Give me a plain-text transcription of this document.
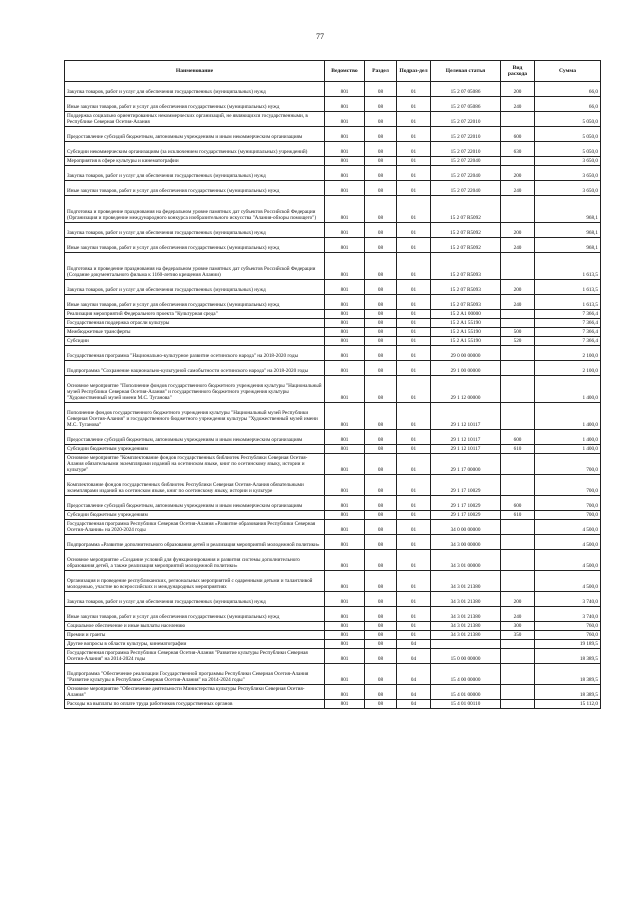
77
Наименование	Ведомство	Раздел	Подраз-дел	Целевая статья	Вид расхода	Сумма
Закупка товаров, работ и услуг для обеспечения государственных (муниципальных) нужд	801	08	01	15 2 07 05086	200	66,0
Иные закупки товаров, работ и услуг для обеспечения государственных (муниципальных) нужд	801	08	01	15 2 07 05086	240	66,0
Поддержка социально ориентированных некоммерческих организаций, не являющихся государственными, в Республике Северная Осетия-Алания	801	08	01	15 2 07 22010		5 050,0
Предоставление субсидий бюджетным, автономным учреждениям и иным некоммерческим организациям	801	08	01	15 2 07 22010	600	5 050,0
Субсидии некоммерческим организациям (за исключением государственных (муниципальных) учреждений)	801	08	01	15 2 07 22010	630	5 050,0
Мероприятия в сфере культуры и кинематографии	801	08	01	15 2 07 22040		3 650,0
Закупка товаров, работ и услуг для обеспечения государственных (муниципальных) нужд	801	08	01	15 2 07 22040	200	3 650,0
Иные закупки товаров, работ и услуг для обеспечения государственных (муниципальных) нужд	801	08	01	15 2 07 22040	240	3 650,0
Подготовка и проведение празднования на федеральном уровне памятных дат субъектов Российской Федерации (Организация и проведение международного конкурса изобразительного искусства "Алания-обзоры помощего")	801	08	01	15 2 07 R5092		968,1
Закупка товаров, работ и услуг для обеспечения государственных (муниципальных) нужд	801	08	01	15 2 07 R5092	200	968,1
Иные закупки товаров, работ и услуг для обеспечения государственных (муниципальных) нужд	801	08	01	15 2 07 R5092	240	968,1
Подготовка и проведение празднования на федеральном уровне памятных дат субъектов Российской Федерации (Создание документального фильма к 1160-летию крещения Алании)	801	08	01	15 2 07 R5093		1 613,5
Закупка товаров, работ и услуг для обеспечения государственных (муниципальных) нужд	801	08	01	15 2 07 R5093	200	1 613,5
Иные закупки товаров, работ и услуг для обеспечения государственных (муниципальных) нужд	801	08	01	15 2 07 R5093	240	1 613,5
Реализация мероприятий Федерального проекта "Культурная среда"	801	08	01	15 2 A1 00000		7 366,4
Государственная поддержка отрасли культуры	801	08	01	15 2 A1 55190		7 366,4
Межбюджетные трансферты	801	08	01	15 2 A1 55190	500	7 366,4
Субсидии	801	08	01	15 2 A1 55190	520	7 366,4
Государственная программа "Национально-культурное развитие осетинского народа" на 2018-2020 годы	801	08	01	29 0 00 00000		2 100,0
Подпрограмма "Сохранение национально-культурной самобытности осетинского народа" на 2018-2020 годы	801	08	01	29 1 00 00000		2 100,0
Основное мероприятие "Пополнение фондов государственного бюджетного учреждения культуры "Национальный музей Республики Северная Осетия-Алания" и государственного бюджетного учреждения культуры "Художественный музей имени М.С. Туганова"	801	08	01	29 1 12 00000		1 400,0
Пополнение фондов государственного бюджетного учреждения культуры "Национальный музей Республики Северная Осетия-Алания" и государственного бюджетного учреждения культуры "Художественный музей имени М.С. Туганова"	801	08	01	29 1 12 10117		1 400,0
Предоставление субсидий бюджетным, автономным учреждениям и иным некоммерческим организациям	801	08	01	29 1 12 10117	600	1 400,0
Субсидии бюджетным учреждениям	801	08	01	29 1 12 10117	610	1 400,0
Основное мероприятие "Комплектование фондов государственных библиотек Республики Северная Осетия-Алания обязательными экземплярами изданий на осетинском языке, книг по осетинскому языку, истории и культуре"	801	08	01	29 1 17 00000		700,0
Комплектование фондов государственных библиотек Республики Северная Осетия-Алания обязательными экземплярами изданий на осетинском языке, книг по осетинскому языку, истории и культуре	801	08	01	29 1 17 10029		700,0
Предоставление субсидий бюджетным, автономным учреждениям и иным некоммерческим организациям	801	08	01	29 1 17 10029	600	700,0
Субсидии бюджетным учреждениям	801	08	01	29 1 17 10029	610	700,0
Государственная программа Республики Северная Осетия-Алания «Развитие образования Республики Северная Осетия-Алания» на 2020-2024 годы	801	08	01	34 0 00 00000		4 500,0
Подпрограмма «Развитие дополнительного образования детей и реализация мероприятий молодежной политики»	801	08	01	34 3 00 00000		4 500,0
Основное мероприятие «Создание условий для функционирования и развития системы дополнительного образования детей, а также реализация мероприятий молодежной политики»	801	08	01	34 3 01 00000		4 500,0
Организация и проведение республиканских, региональных мероприятий с одаренными детьми и талантливой молодежью, участие во всероссийских и международных мероприятиях	801	08	01	34 3 01 21380		4 500,0
Закупка товаров, работ и услуг для обеспечения государственных (муниципальных) нужд	801	08	01	34 3 01 21380	200	3 740,0
Иные закупки товаров, работ и услуг для обеспечения государственных (муниципальных) нужд	801	08	01	34 3 01 21380	240	3 740,0
Социальное обеспечение и иные выплаты населению	801	08	01	34 3 01 21380	300	760,0
Премии и гранты	801	08	01	34 3 01 21380	350	760,0
Другие вопросы в области культуры, кинематографии	801	08	04			19 189,5
Государственная программа Республики Северная Осетия-Алания "Развитие культуры Республики Северная Осетия-Алания" на 2014-2024 годы	801	08	04	15 0 00 00000		18 389,5
Подпрограмма "Обеспечение реализации Государственной программы Республики Северная Осетия-Алания "Развитие культуры в Республике Северная Осетия-Алания" на 2014-2024 годы"	801	08	04	15 4 00 00000		18 389,5
Основное мероприятие "Обеспечение деятельности Министерства культуры Республики Северная Осетия-Алания"	801	08	04	15 4 01 00000		18 389,5
Расходы на выплаты по оплате труда работников государственных органов	801	08	04	15 4 01 00110		15 112,0
